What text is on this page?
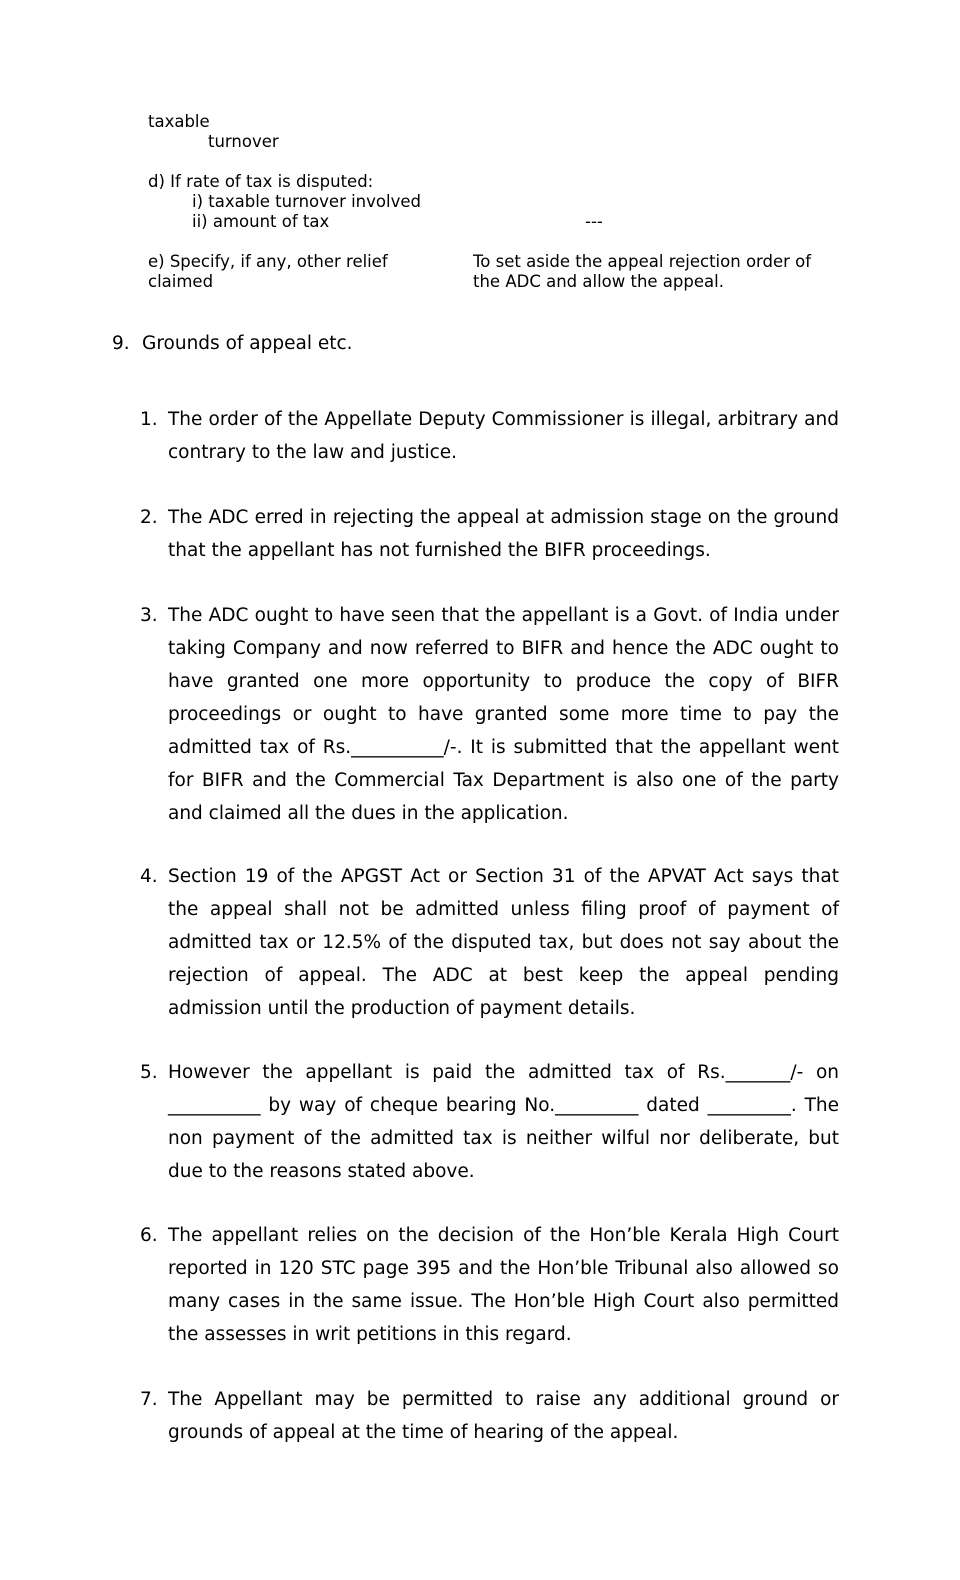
taxable
turnover
d) If rate of tax is disputed:
i) taxable turnover involved
ii) amount of tax	---
e) Specify, if any, other relief
claimed
To set aside the appeal rejection order of
the ADC and allow the appeal.
9. Grounds of appeal etc.
1. The order of the Appellate Deputy Commissioner is illegal, arbitrary and contrary to the law and justice.
2. The ADC erred in rejecting the appeal at admission stage on the ground that the appellant has not furnished the BIFR proceedings.
3. The ADC ought to have seen that the appellant is a Govt. of India under taking Company and now referred to BIFR and hence the ADC ought to have granted one more opportunity to produce the copy of BIFR proceedings or ought to have granted some more time to pay the admitted tax of Rs.__________/-. It is submitted that the appellant went for BIFR and the Commercial Tax Department is also one of the party and claimed all the dues in the application.
4. Section 19 of the APGST Act or Section 31 of the APVAT Act says that the appeal shall not be admitted unless filing proof of payment of admitted tax or 12.5% of the disputed tax, but does not say about the rejection of appeal. The ADC at best keep the appeal pending admission until the production of payment details.
5. However the appellant is paid the admitted tax of Rs._______/- on __________ by way of cheque bearing No._________ dated _________. The non payment of the admitted tax is neither wilful nor deliberate, but due to the reasons stated above.
6. The appellant relies on the decision of the Hon’ble Kerala High Court reported in 120 STC page 395 and the Hon’ble Tribunal also allowed so many cases in the same issue. The Hon’ble High Court also permitted the assesses in writ petitions in this regard.
7. The Appellant may be permitted to raise any additional ground or grounds of appeal at the time of hearing of the appeal.
